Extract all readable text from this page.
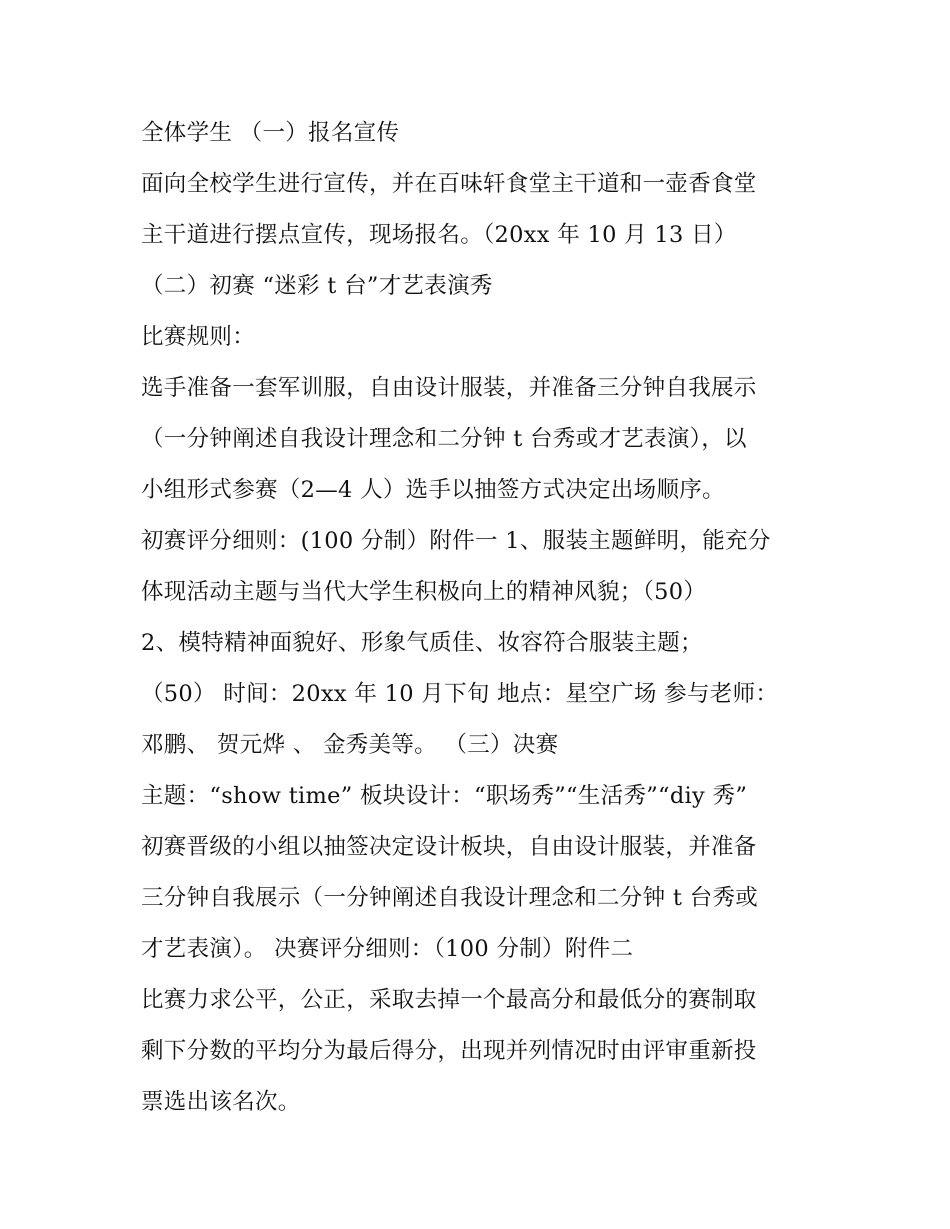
全体学生 （一）报名宣传
面向全校学生进行宣传，并在百味轩食堂主干道和一壶香食堂
主干道进行摆点宣传，现场报名。（20xx 年 10 月 13 日）
（二）初赛 “迷彩 t 台”才艺表演秀
比赛规则：
选手准备一套军训服，自由设计服装，并准备三分钟自我展示
（一分钟阐述自我设计理念和二分钟 t 台秀或才艺表演），以
小组形式参赛（2—4 人）选手以抽签方式决定出场顺序。
初赛评分细则：(100 分制）附件一 1、服装主题鲜明，能充分
体现活动主题与当代大学生积极向上的精神风貌；（50）
2、模特精神面貌好、形象气质佳、妆容符合服装主题；
（50） 时间：20xx 年 10 月下旬 地点：星空广场 参与老师：
邓鹏、 贺元烨 、 金秀美等。 （三）决赛
主题：“show time” 板块设计：“职场秀”“生活秀”“diy 秀”
初赛晋级的小组以抽签决定设计板块，自由设计服装，并准备
三分钟自我展示（一分钟阐述自我设计理念和二分钟 t 台秀或
才艺表演）。 决赛评分细则：（100 分制）附件二
比赛力求公平，公正，采取去掉一个最高分和最低分的赛制取
剩下分数的平均分为最后得分，出现并列情况时由评审重新投
票选出该名次。
